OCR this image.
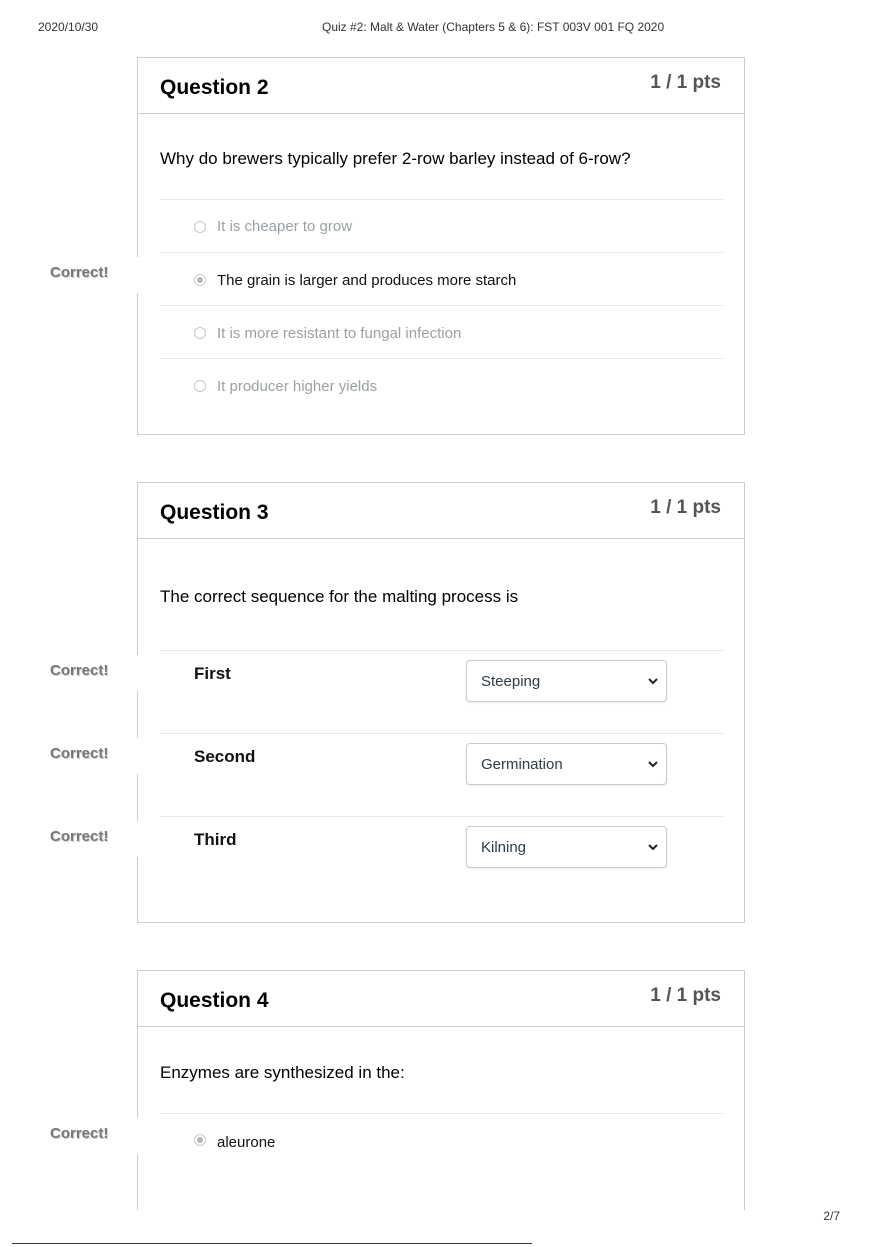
2020/10/30	Quiz #2: Malt & Water (Chapters 5 & 6): FST 003V 001 FQ 2020
Question 2	1 / 1 pts
Why do brewers typically prefer 2-row barley instead of 6-row?
It is cheaper to grow
The grain is larger and produces more starch
It is more resistant to fungal infection
It producer higher yields
Correct!
Question 3	1 / 1 pts
The correct sequence for the malting process is
First	Steeping
Second	Germination
Third	Kilning
Correct!
Correct!
Correct!
Question 4	1 / 1 pts
Enzymes are synthesized in the:
aleurone
Correct!
2/7
